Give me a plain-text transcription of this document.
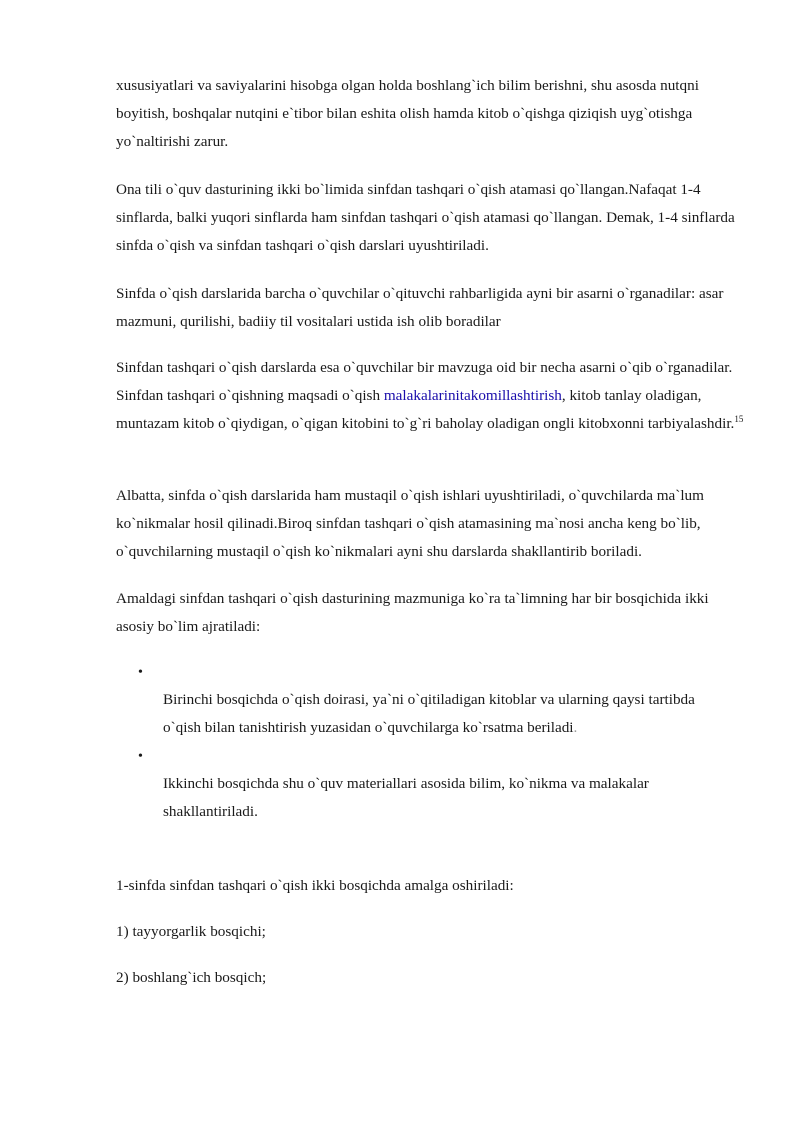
xususiyatlari va saviyalarini hisobga olgan holda boshlang`ich bilim berishni, shu asosda nutqni boyitish, boshqalar nutqini e`tibor bilan eshita olish hamda kitob o`qishga qiziqish uyg`otishga yo`naltirishi zarur.

Ona tili o`quv dasturining ikki bo`limida sinfdan tashqari o`qish atamasi qo`llangan.Nafaqat 1-4 sinflarda, balki yuqori sinflarda ham sinfdan tashqari o`qish atamasi qo`llangan. Demak, 1-4 sinflarda sinfda o`qish va sinfdan tashqari o`qish darslari uyushtiriladi.

Sinfda o`qish darslarida barcha o`quvchilar o`qituvchi rahbarligida ayni bir asarni o`rganadilar: asar mazmuni, qurilishi, badiiy til vositalari ustida ish olib boradilar

Sinfdan tashqari o`qish darslarda esa o`quvchilar bir mavzuga oid bir necha asarni o`qib o`rganadilar. Sinfdan tashqari o`qishning maqsadi o`qish malakalarinitakomillashtirish, kitob tanlay oladigan, muntazam kitob o`qiydigan, o`qigan kitobini to`g`ri baholay oladigan ongli kitobxonni tarbiyalashdir.$^{15}$

Albatta, sinfda o`qish darslarida ham mustaqil o`qish ishlari uyushtiriladi, o`quvchilarda ma`lum ko`nikmalar hosil qilinadi.Biroq sinfdan tashqari o`qish atamasining ma`nosi ancha keng bo`lib, o`quvchilarning mustaqil o`qish ko`nikmalari ayni shu darslarda shakllantirib boriladi.

Amaldagi sinfdan tashqari o`qish dasturining mazmuniga ko`ra ta`limning har bir bosqichida ikki asosiy bo`lim ajratiladi:

•

Birinchi bosqichda o`qish doirasi, ya`ni o`qitiladigan kitoblar va ularning qaysi tartibda o`qish bilan tanishtirish yuzasidan o`quvchilarga ko`rsatma beriladi.

•

Ikkinchi bosqichda shu o`quv materiallari asosida bilim, ko`nikma va malakalar shakllantiriladi.

1-sinfda sinfdan tashqari o`qish ikki bosqichda amalga oshiriladi:

1) tayyorgarlik bosqichi;

2) boshlang`ich bosqich;
